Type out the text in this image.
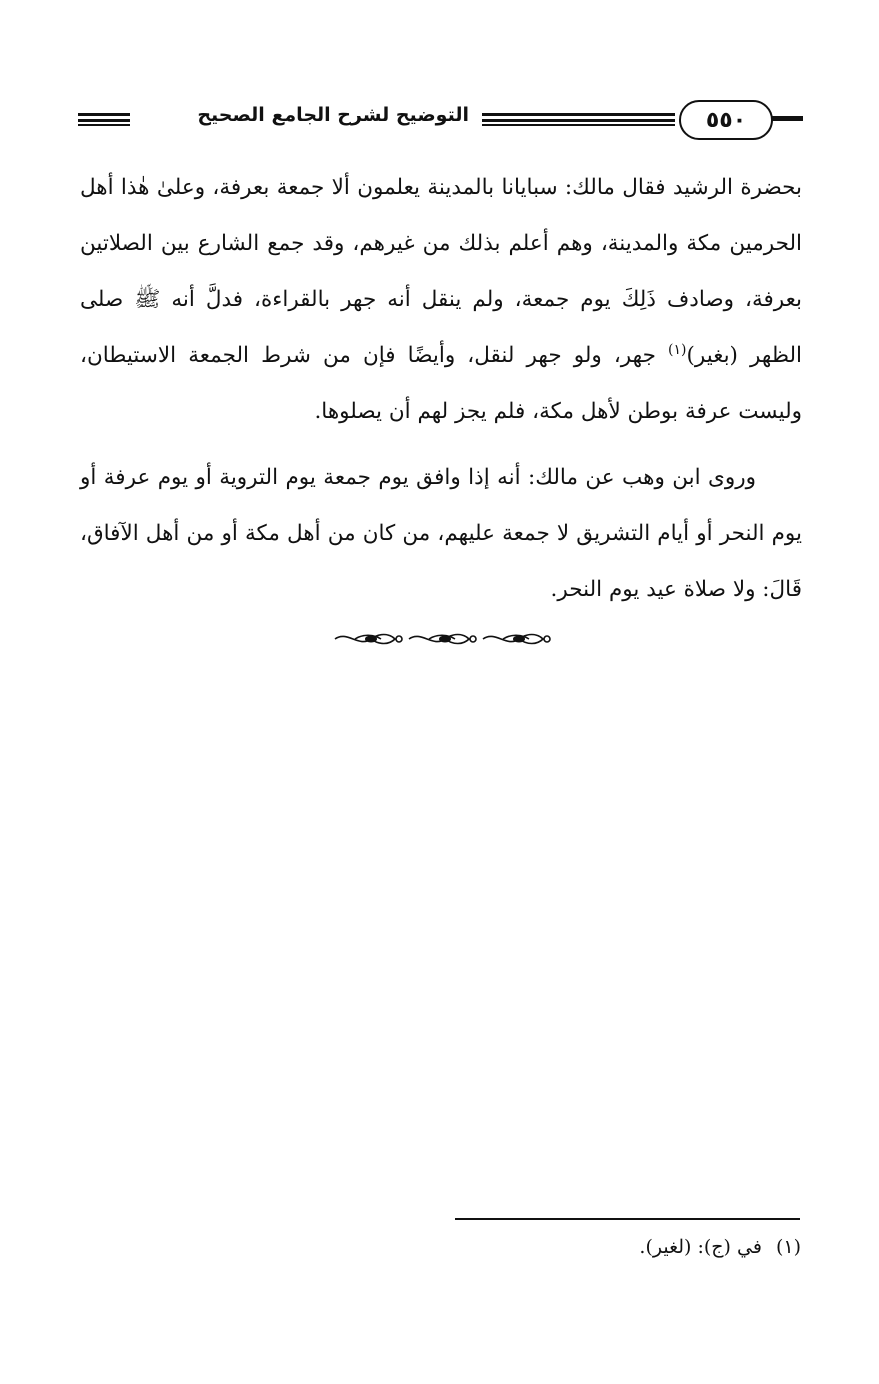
٥٥٠
التوضيح لشرح الجامع الصحيح

بحضرة الرشيد فقال مالك: سبايانا بالمدينة يعلمون ألا جمعة بعرفة، وعلىٰ هٰذا أهل الحرمين مكة والمدينة، وهم أعلم بذلك من غيرهم، وقد جمع الشارع بين الصلاتين بعرفة، وصادف ذَلِكَ يوم جمعة، ولم ينقل أنه جهر بالقراءة، فدلَّ أنه ﷺ صلى الظهر (بغير)$^{(١)}$ جهر، ولو جهر لنقل، وأيضًا فإن من شرط الجمعة الاستيطان، وليست عرفة بوطن لأهل مكة، فلم يجز لهم أن يصلوها.

وروى ابن وهب عن مالك: أنه إذا وافق يوم جمعة يوم التروية أو يوم عرفة أو يوم النحر أو أيام التشريق لا جمعة عليهم، من كان من أهل مكة أو من أهل الآفاق، قَالَ: ولا صلاة عيد يوم النحر.

(١)في (ج): (لغير).
